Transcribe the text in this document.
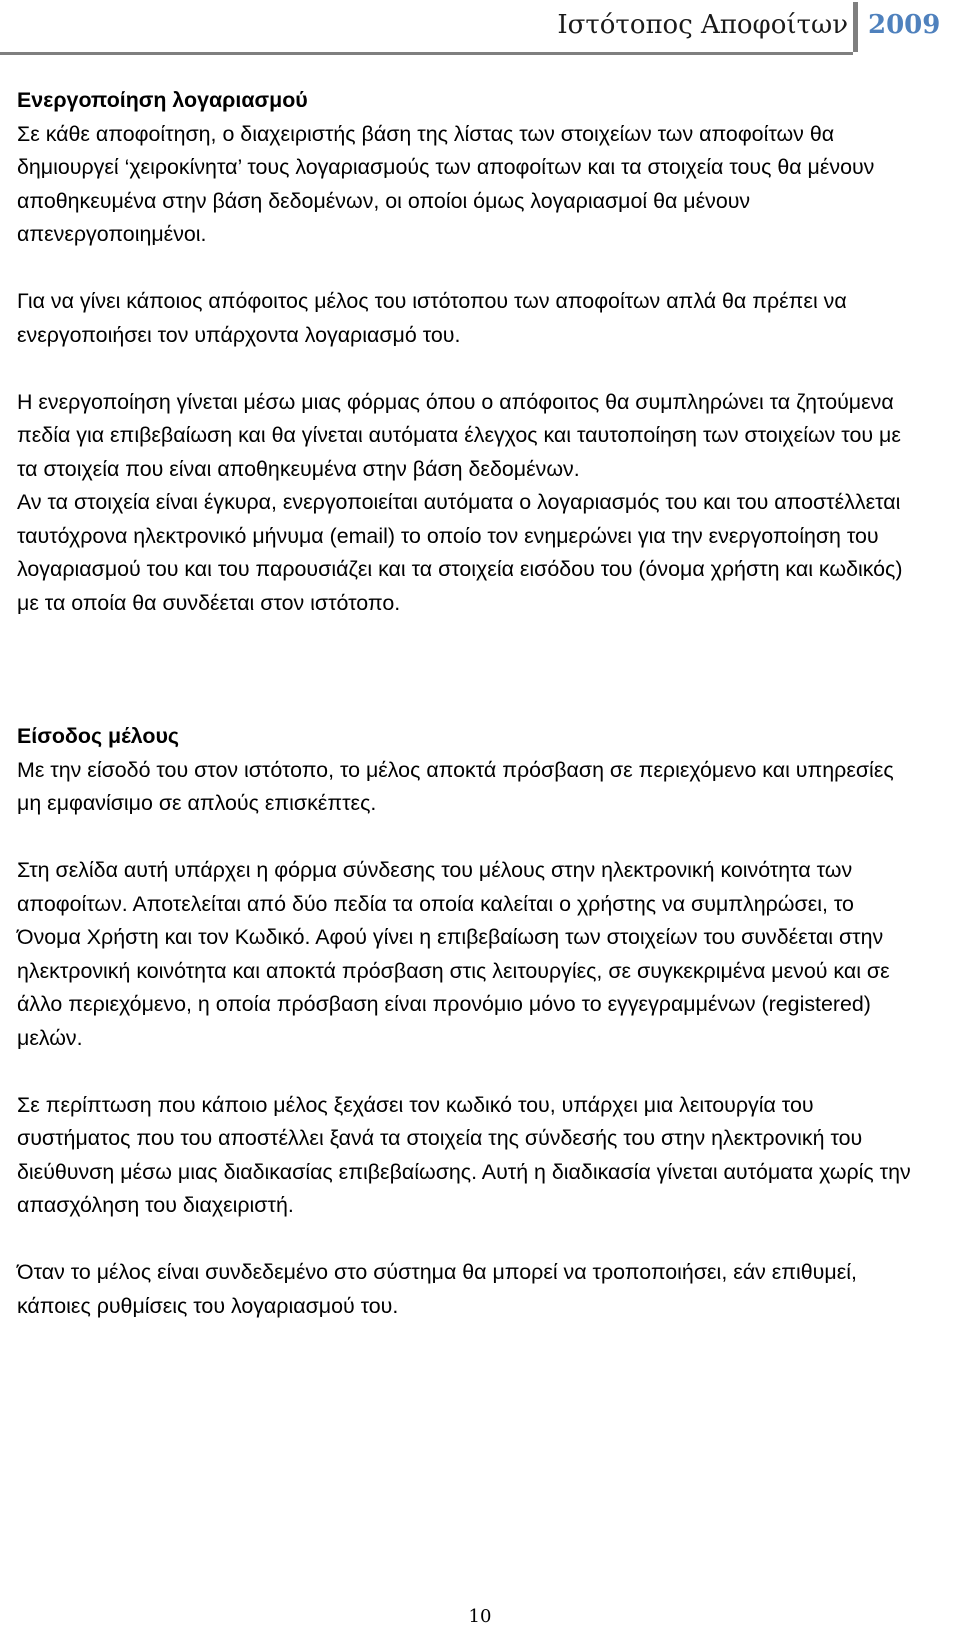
Ιστότοπος Αποφοίτων 2009
Ενεργοποίηση λογαριασμού

Σε κάθε αποφοίτηση, ο διαχειριστής βάση της λίστας των στοιχείων των αποφοίτων θα δημιουργεί ‘χειροκίνητα’ τους λογαριασμούς των αποφοίτων και τα στοιχεία τους θα μένουν αποθηκευμένα στην βάση δεδομένων, οι οποίοι όμως λογαριασμοί θα μένουν απενεργοποιημένοι.

Για να γίνει κάποιος απόφοιτος μέλος του ιστότοπου των αποφοίτων απλά θα πρέπει να ενεργοποιήσει τον υπάρχοντα λογαριασμό του.

Η ενεργοποίηση γίνεται μέσω μιας φόρμας όπου ο απόφοιτος θα συμπληρώνει τα ζητούμενα πεδία για επιβεβαίωση και θα γίνεται αυτόματα έλεγχος και ταυτοποίηση των στοιχείων του με τα στοιχεία που είναι αποθηκευμένα στην βάση δεδομένων.

Αν τα στοιχεία είναι έγκυρα, ενεργοποιείται αυτόματα ο λογαριασμός του και του αποστέλλεται ταυτόχρονα ηλεκτρονικό μήνυμα (email) το οποίο τον ενημερώνει για την ενεργοποίηση του λογαριασμού του και του παρουσιάζει και τα στοιχεία εισόδου του (όνομα χρήστη και κωδικός) με τα οποία θα συνδέεται στον ιστότοπο.

Είσοδος μέλους

Με την είσοδό του στον ιστότοπο, το μέλος αποκτά πρόσβαση σε περιεχόμενο και υπηρεσίες μη εμφανίσιμο σε απλούς επισκέπτες.

Στη σελίδα αυτή υπάρχει η φόρμα σύνδεσης του μέλους στην ηλεκτρονική κοινότητα των αποφοίτων. Αποτελείται από δύο πεδία τα οποία καλείται ο χρήστης να συμπληρώσει, το Όνομα Χρήστη και τον Κωδικό. Αφού γίνει η επιβεβαίωση των στοιχείων του συνδέεται στην ηλεκτρονική κοινότητα και αποκτά πρόσβαση στις λειτουργίες, σε συγκεκριμένα μενού και σε άλλο περιεχόμενο, η οποία πρόσβαση είναι προνόμιο μόνο το εγγεγραμμένων (registered) μελών.

Σε περίπτωση που κάποιο μέλος ξεχάσει τον κωδικό του, υπάρχει μια λειτουργία του συστήματος που του αποστέλλει ξανά τα στοιχεία της σύνδεσής του στην ηλεκτρονική του διεύθυνση μέσω μιας διαδικασίας επιβεβαίωσης. Αυτή η διαδικασία γίνεται αυτόματα χωρίς την απασχόληση του διαχειριστή.

Όταν το μέλος είναι συνδεδεμένο στο σύστημα θα μπορεί να τροποποιήσει, εάν επιθυμεί, κάποιες ρυθμίσεις του λογαριασμού του.

10
